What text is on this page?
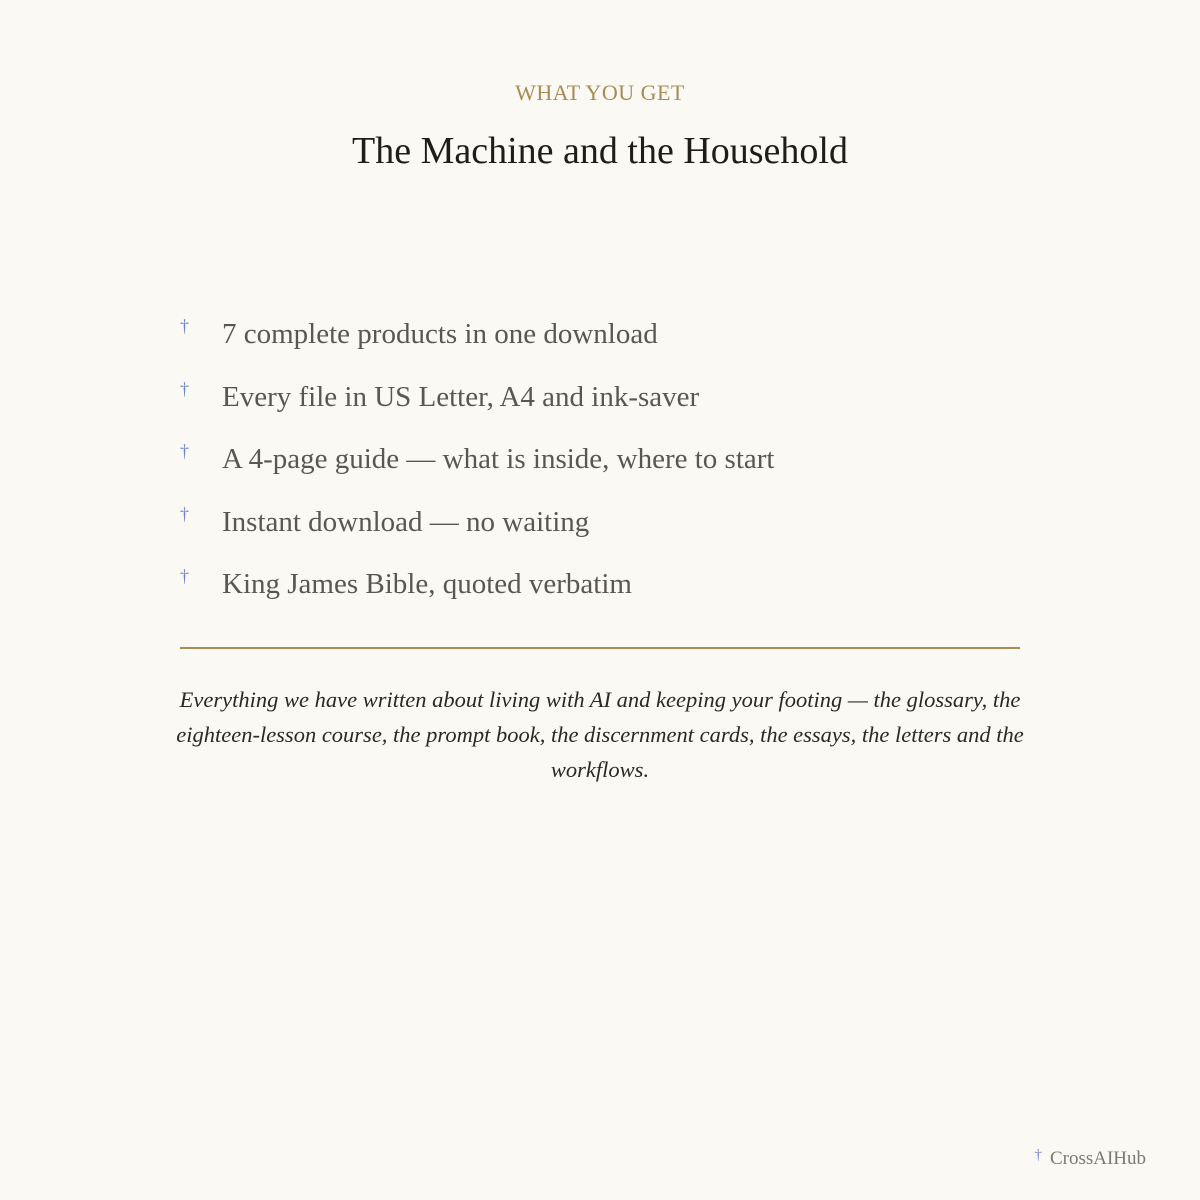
WHAT YOU GET
The Machine and the Household
† 7 complete products in one download
† Every file in US Letter, A4 and ink-saver
† A 4-page guide — what is inside, where to start
† Instant download — no waiting
† King James Bible, quoted verbatim

Everything we have written about living with AI and keeping your footing — the glossary, the eighteen-lesson course, the prompt book, the discernment cards, the essays, the letters and the workflows.

† CrossAIHub
